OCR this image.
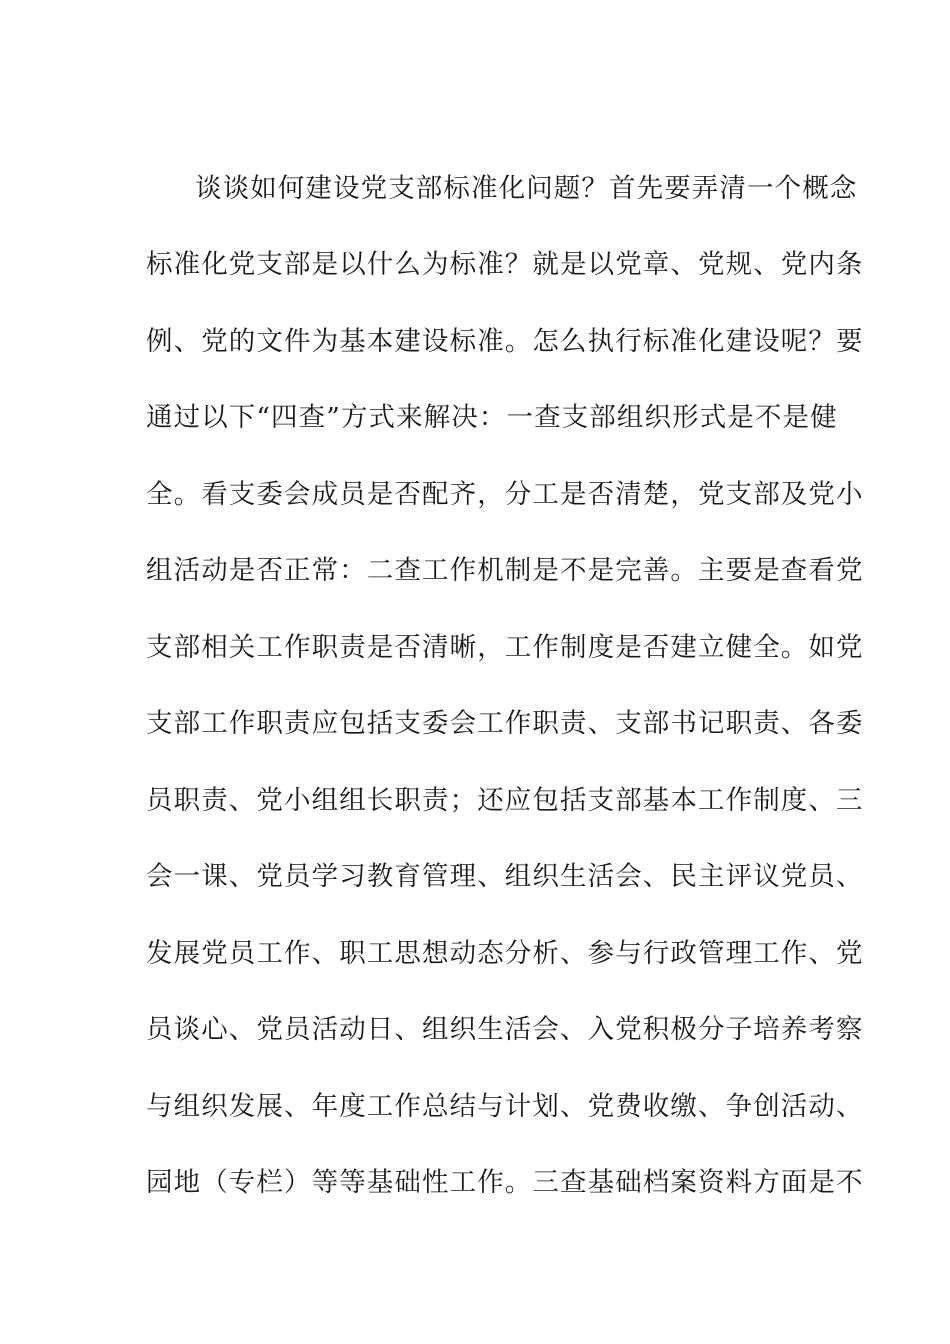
谈谈如何建设党支部标准化问题？首先要弄清一个概念
标准化党支部是以什么为标准？就是以党章、党规、党内条
例、党的文件为基本建设标准。怎么执行标准化建设呢？要
通过以下“四查”方式来解决：一查支部组织形式是不是健
全。看支委会成员是否配齐，分工是否清楚，党支部及党小
组活动是否正常：二查工作机制是不是完善。主要是查看党
支部相关工作职责是否清晰，工作制度是否建立健全。如党
支部工作职责应包括支委会工作职责、支部书记职责、各委
员职责、党小组组长职责；还应包括支部基本工作制度、三
会一课、党员学习教育管理、组织生活会、民主评议党员、
发展党员工作、职工思想动态分析、参与行政管理工作、党
员谈心、党员活动日、组织生活会、入党积极分子培养考察
与组织发展、年度工作总结与计划、党费收缴、争创活动、
园地（专栏）等等基础性工作。三查基础档案资料方面是不
